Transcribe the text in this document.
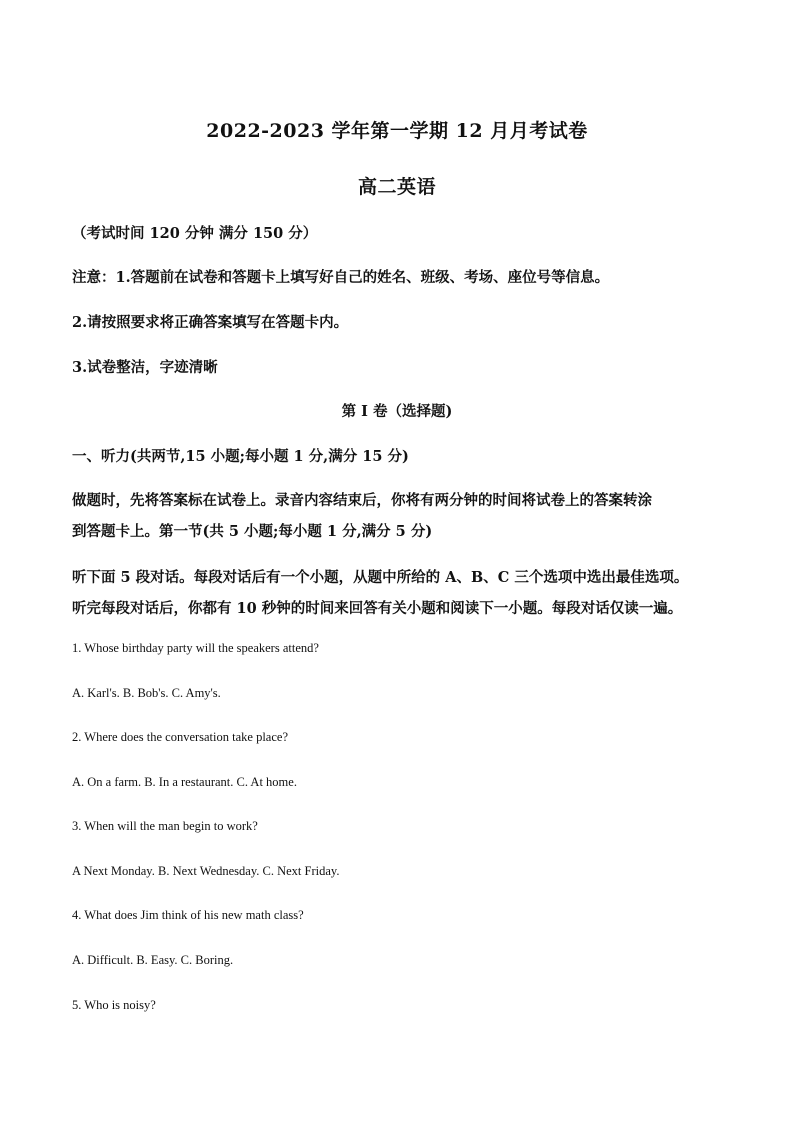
2022-2023 学年第一学期 12 月月考试卷
高二英语
（考试时间 120 分钟 满分 150 分）
注意：1.答题前在试卷和答题卡上填写好自己的姓名、班级、考场、座位号等信息。
2.请按照要求将正确答案填写在答题卡内。
3.试卷整洁，字迹清晰
第 I 卷（选择题)
一、听力(共两节,15 小题;每小题 1 分,满分 15 分)
做题时，先将答案标在试卷上。录音内容结束后，你将有两分钟的时间将试卷上的答案转涂
到答题卡上。第一节(共 5 小题;每小题 1 分,满分 5 分)
听下面 5 段对话。每段对话后有一个小题，从题中所给的 A、B、C 三个选项中选出最佳选项。
听完每段对话后，你都有 10 秒钟的时间来回答有关小题和阅读下一小题。每段对话仅读一遍。
1. Whose birthday party will the speakers attend?
A. Karl's. B. Bob's. C. Amy's.
2. Where does the conversation take place?
A. On a farm. B. In a restaurant. C. At home.
3. When will the man begin to work?
A Next Monday. B. Next Wednesday. C. Next Friday.
4. What does Jim think of his new math class?
A. Difficult. B. Easy. C. Boring.
5. Who is noisy?
